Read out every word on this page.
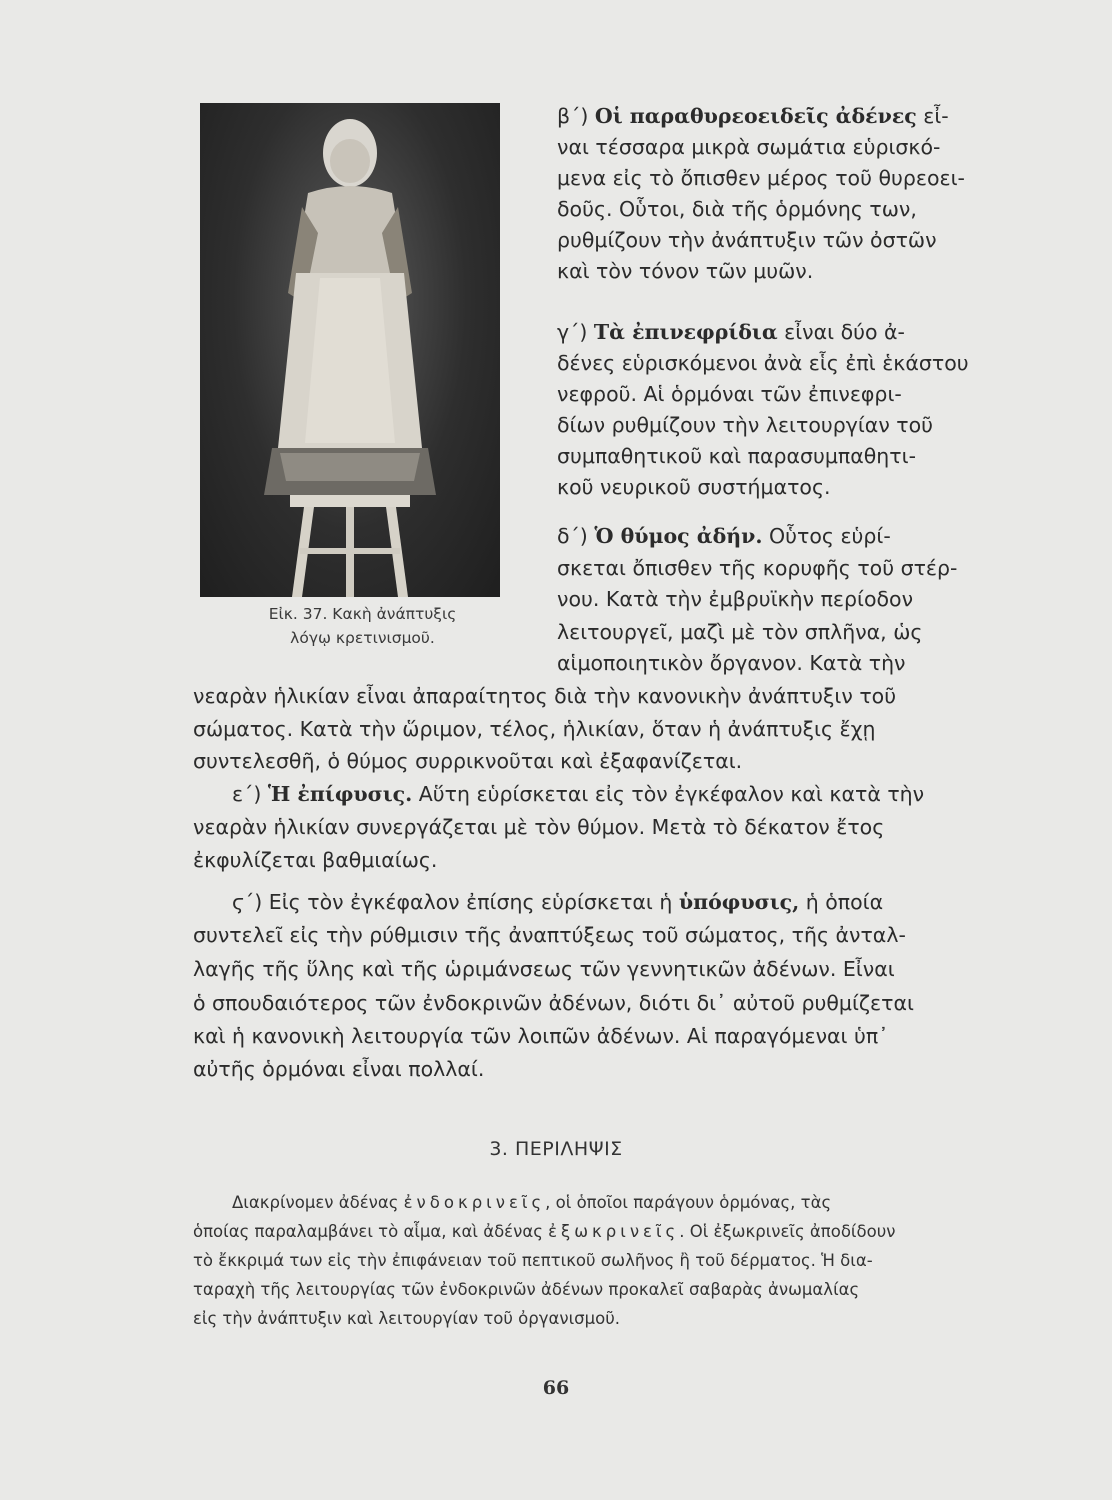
Εἰκ. 37. Κακὴ ἀνάπτυξις
λόγῳ κρετινισμοῦ.
β΄) Οἱ παραθυρεοειδεῖς ἀδένες εἶ-
ναι τέσσαρα μικρὰ σωμάτια εὑρισκό-
μενα εἰς τὸ ὄπισθεν μέρος τοῦ θυρεοει-
δοῦς. Οὗτοι, διὰ τῆς ὁρμόνης των,
ρυθμίζουν τὴν ἀνάπτυξιν τῶν ὀστῶν
καὶ τὸν τόνον τῶν μυῶν.
γ΄) Τὰ ἐπινεφρίδια εἶναι δύο ἀ-
δένες εὑρισκόμενοι ἀνὰ εἷς ἐπὶ ἑκάστου
νεφροῦ. Αἱ ὁρμόναι τῶν ἐπινεφρι-
δίων ρυθμίζουν τὴν λειτουργίαν τοῦ
συμπαθητικοῦ καὶ παρασυμπαθητι-
κοῦ νευρικοῦ συστήματος.
δ΄) Ὁ θύμος ἀδήν. Οὗτος εὑρί-
σκεται ὄπισθεν τῆς κορυφῆς τοῦ στέρ-
νου. Κατὰ τὴν ἐμβρυϊκὴν περίοδον
λειτουργεῖ, μαζὶ μὲ τὸν σπλῆνα, ὡς
αἱμοποιητικὸν ὄργανον. Κατὰ τὴν
νεαρὰν ἡλικίαν εἶναι ἀπαραίτητος διὰ τὴν κανονικὴν ἀνάπτυξιν τοῦ
σώματος. Κατὰ τὴν ὥριμον, τέλος, ἡλικίαν, ὅταν ἡ ἀνάπτυξις ἔχῃ
συντελεσθῆ, ὁ θύμος συρρικνοῦται καὶ ἐξαφανίζεται.
ε΄) Ἡ ἐπίφυσις. Αὕτη εὑρίσκεται εἰς τὸν ἐγκέφαλον καὶ κατὰ τὴν
νεαρὰν ἡλικίαν συνεργάζεται μὲ τὸν θύμον. Μετὰ τὸ δέκατον ἔτος
ἐκφυλίζεται βαθμιαίως.
ϛ΄) Εἰς τὸν ἐγκέφαλον ἐπίσης εὑρίσκεται ἡ ὑπόφυσις, ἡ ὁποία
συντελεῖ εἰς τὴν ρύθμισιν τῆς ἀναπτύξεως τοῦ σώματος, τῆς ἀνταλ-
λαγῆς τῆς ὕλης καὶ τῆς ὡριμάνσεως τῶν γεννητικῶν ἀδένων. Εἶναι
ὁ σπουδαιότερος τῶν ἐνδοκρινῶν ἀδένων, διότι δι᾽ αὐτοῦ ρυθμίζεται
καὶ ἡ κανονικὴ λειτουργία τῶν λοιπῶν ἀδένων. Αἱ παραγόμεναι ὑπ᾽
αὐτῆς ὁρμόναι εἶναι πολλαί.
3. ΠΕΡΙΛΗΨΙΣ
Διακρίνομεν ἀδένας ἐνδοκρινεῖς, οἱ ὁποῖοι παράγουν ὁρμόνας, τὰς
ὁποίας παραλαμβάνει τὸ αἷμα, καὶ ἀδένας ἐξωκρινεῖς. Οἱ ἐξωκρινεῖς ἀποδίδουν
τὸ ἔκκριμά των εἰς τὴν ἐπιφάνειαν τοῦ πεπτικοῦ σωλῆνος ἢ τοῦ δέρματος. Ἡ δια-
ταραχὴ τῆς λειτουργίας τῶν ἐνδοκρινῶν ἀδένων προκαλεῖ σαβαρὰς ἀνωμαλίας
εἰς τὴν ἀνάπτυξιν καὶ λειτουργίαν τοῦ ὀργανισμοῦ.
66
